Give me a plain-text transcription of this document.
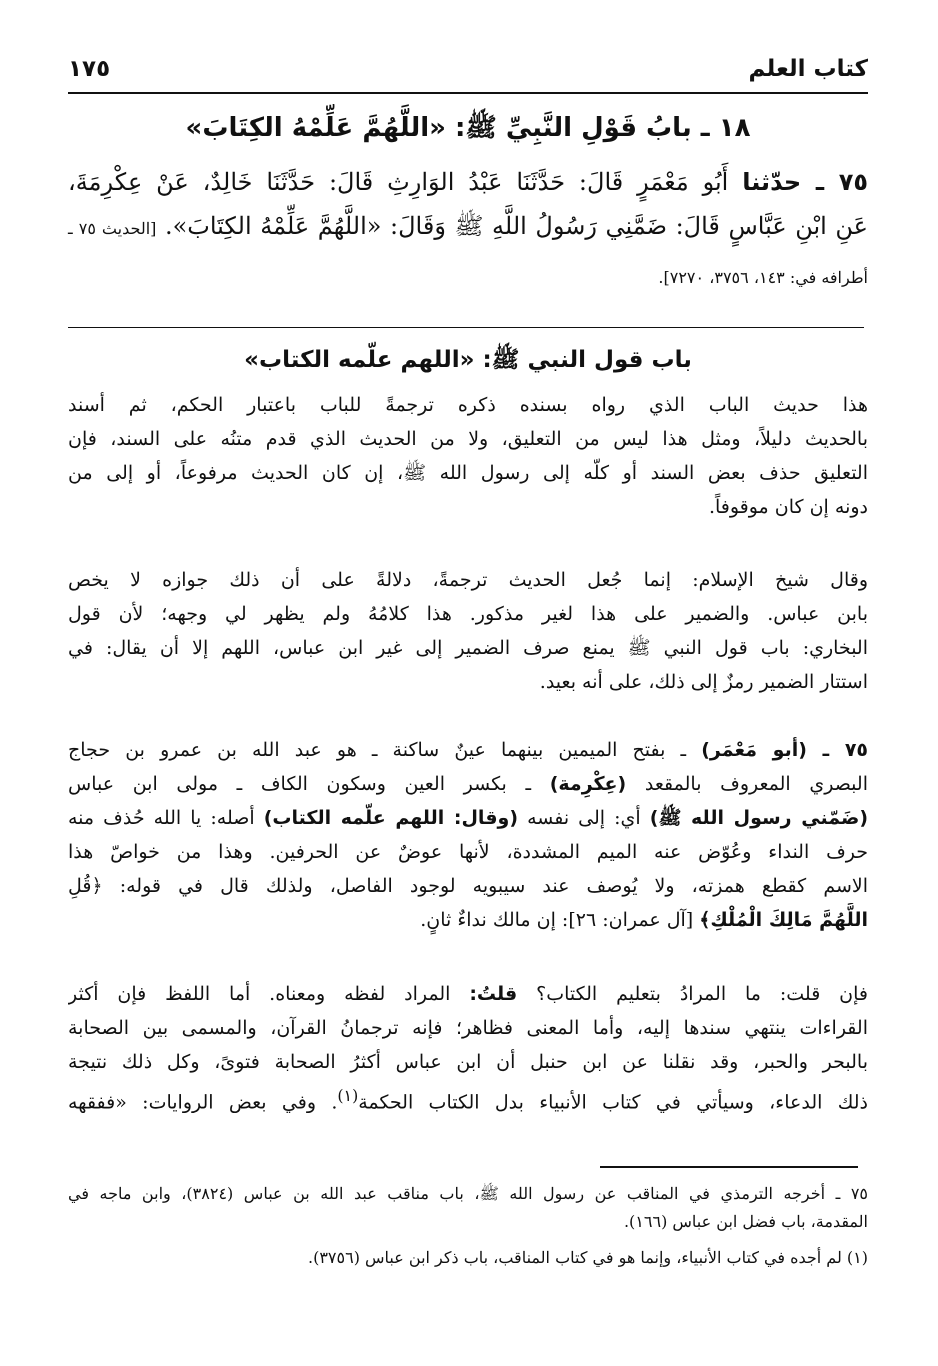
كتاب العلم
١٧٥
١٨ ـ بابُ قَوْلِ النَّبِيِّ ﷺ: «اللَّهُمَّ عَلِّمْهُ الكِتَابَ»
٧٥ ـ حدّثنا أَبُو مَعْمَرٍ قَالَ: حَدَّثَنَا عَبْدُ الوَارِثِ قَالَ: حَدَّثَنَا خَالِدٌ، عَنْ عِكْرِمَةَ،
عَنِ ابْنِ عَبَّاسٍ قَالَ: ضَمَّنِي رَسُولُ اللَّهِ ﷺ وَقَالَ: «اللَّهُمَّ عَلِّمْهُ الكِتَابَ». [الحديث ٧٥ ـ
أطرافه في: ١٤٣، ٣٧٥٦، ٧٢٧٠].
باب قول النبي ﷺ: «اللهم علّمه الكتاب»
هذا حديث الباب الذي رواه بسنده ذكره ترجمةً للباب باعتبار الحكم، ثم أسند
بالحديث دليلاً، ومثل هذا ليس من التعليق، ولا من الحديث الذي قدم متنُه على السند، فإن
التعليق حذف بعض السند أو كلّه إلى رسول الله ﷺ، إن كان الحديث مرفوعاً، أو إلى من
دونه إن كان موقوفاً.
وقال شيخ الإسلام: إنما جُعل الحديث ترجمةً، دلالةً على أن ذلك جوازه لا يخص
بابن عباس. والضمير على هذا لغير مذكور. هذا كلامُهُ ولم يظهر لي وجهه؛ لأن قول
البخاري: باب قول النبي ﷺ يمنع صرف الضمير إلى غير ابن عباس، اللهم إلا أن يقال: في
استتار الضمير رمزٌ إلى ذلك، على أنه بعيد.
٧٥ ـ (أبو مَعْمَر) ـ بفتح الميمين بينهما عينٌ ساكنة ـ هو عبد الله بن عمرو بن حجاج
البصري المعروف بالمقعد (عِكْرِمة) ـ بكسر العين وسكون الكاف ـ مولى ابن عباس
(ضَمّني رسول الله ﷺ) أي: إلى نفسه (وقال: اللهم علّمه الكتاب) أصله: يا الله حُذف منه
حرف النداء وعُوّض عنه الميم المشددة، لأنها عوضٌ عن الحرفين. وهذا من خواصّ هذا
الاسم كقطع همزته، ولا يُوصف عند سيبويه لوجود الفاصل، ولذلك قال في قوله: ﴿قُلِ
اللَّهُمَّ مَالِكَ الْمُلْكِ﴾ [آل عمران: ٢٦]: إن مالك نداءٌ ثانٍ.
فإن قلت: ما المرادُ بتعليم الكتاب؟ قلتُ: المراد لفظه ومعناه. أما اللفظ فإن أكثر
القراءات ينتهي سندها إليه، وأما المعنى فظاهر؛ فإنه ترجمانُ القرآن، والمسمى بين الصحابة
بالبحر والحبر، وقد نقلنا عن ابن حنبل أن ابن عباس أكثرُ الصحابة فتوىً، وكل ذلك نتيجة
ذلك الدعاء، وسيأتي في كتاب الأنبياء بدل الكتاب الحكمة$^{(١)}$. وفي بعض الروايات: «ففقهه
٧٥ ـ أخرجه الترمذي في المناقب عن رسول الله ﷺ، باب مناقب عبد الله بن عباس (٣٨٢٤)، وابن ماجه في
المقدمة، باب فضل ابن عباس (١٦٦).
(١) لم أجده في كتاب الأنبياء، وإنما هو في كتاب المناقب، باب ذكر ابن عباس (٣٧٥٦).
